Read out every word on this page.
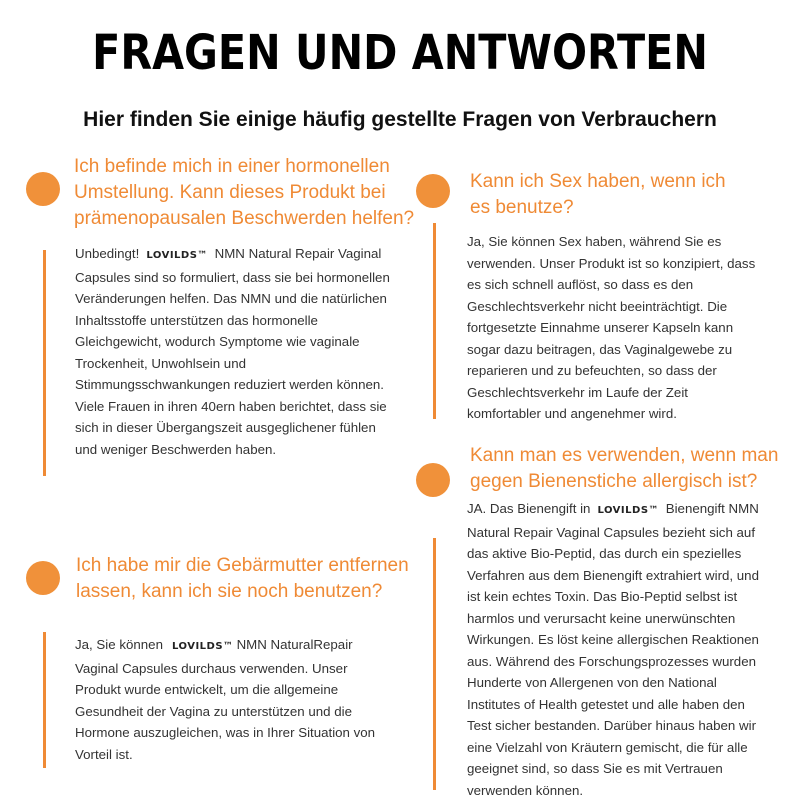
FRAGEN UND ANTWORTEN
Hier finden Sie einige häufig gestellte Fragen von Verbrauchern
Ich befinde mich in einer hormonellen
Umstellung. Kann dieses Produkt bei
prämenopausalen Beschwerden helfen?
Unbedingt! LOVILDS™ NMN Natural Repair Vaginal
Capsules sind so formuliert, dass sie bei hormonellen
Veränderungen helfen. Das NMN und die natürlichen
Inhaltsstoffe unterstützen das hormonelle
Gleichgewicht, wodurch Symptome wie vaginale
Trockenheit, Unwohlsein und
Stimmungsschwankungen reduziert werden können.
Viele Frauen in ihren 40ern haben berichtet, dass sie
sich in dieser Übergangszeit ausgeglichener fühlen
und weniger Beschwerden haben.
Kann ich Sex haben, wenn ich
es benutze?
Ja, Sie können Sex haben, während Sie es
verwenden. Unser Produkt ist so konzipiert, dass
es sich schnell auflöst, so dass es den
Geschlechtsverkehr nicht beeinträchtigt. Die
fortgesetzte Einnahme unserer Kapseln kann
sogar dazu beitragen, das Vaginalgewebe zu
reparieren und zu befeuchten, so dass der
Geschlechtsverkehr im Laufe der Zeit
komfortabler und angenehmer wird.
Kann man es verwenden, wenn man
gegen Bienenstiche allergisch ist?
JA. Das Bienengift in LOVILDS™ Bienengift NMN
Natural Repair Vaginal Capsules bezieht sich auf
das aktive Bio-Peptid, das durch ein spezielles
Verfahren aus dem Bienengift extrahiert wird, und
ist kein echtes Toxin. Das Bio-Peptid selbst ist
harmlos und verursacht keine unerwünschten
Wirkungen. Es löst keine allergischen Reaktionen
aus. Während des Forschungsprozesses wurden
Hunderte von Allergenen von den National
Institutes of Health getestet und alle haben den
Test sicher bestanden. Darüber hinaus haben wir
eine Vielzahl von Kräutern gemischt, die für alle
geeignet sind, so dass Sie es mit Vertrauen
verwenden können.
Ich habe mir die Gebärmutter entfernen
lassen, kann ich sie noch benutzen?
Ja, Sie können LOVILDS™ NMN NaturalRepair
Vaginal Capsules durchaus verwenden. Unser
Produkt wurde entwickelt, um die allgemeine
Gesundheit der Vagina zu unterstützen und die
Hormone auszugleichen, was in Ihrer Situation von
Vorteil ist.
